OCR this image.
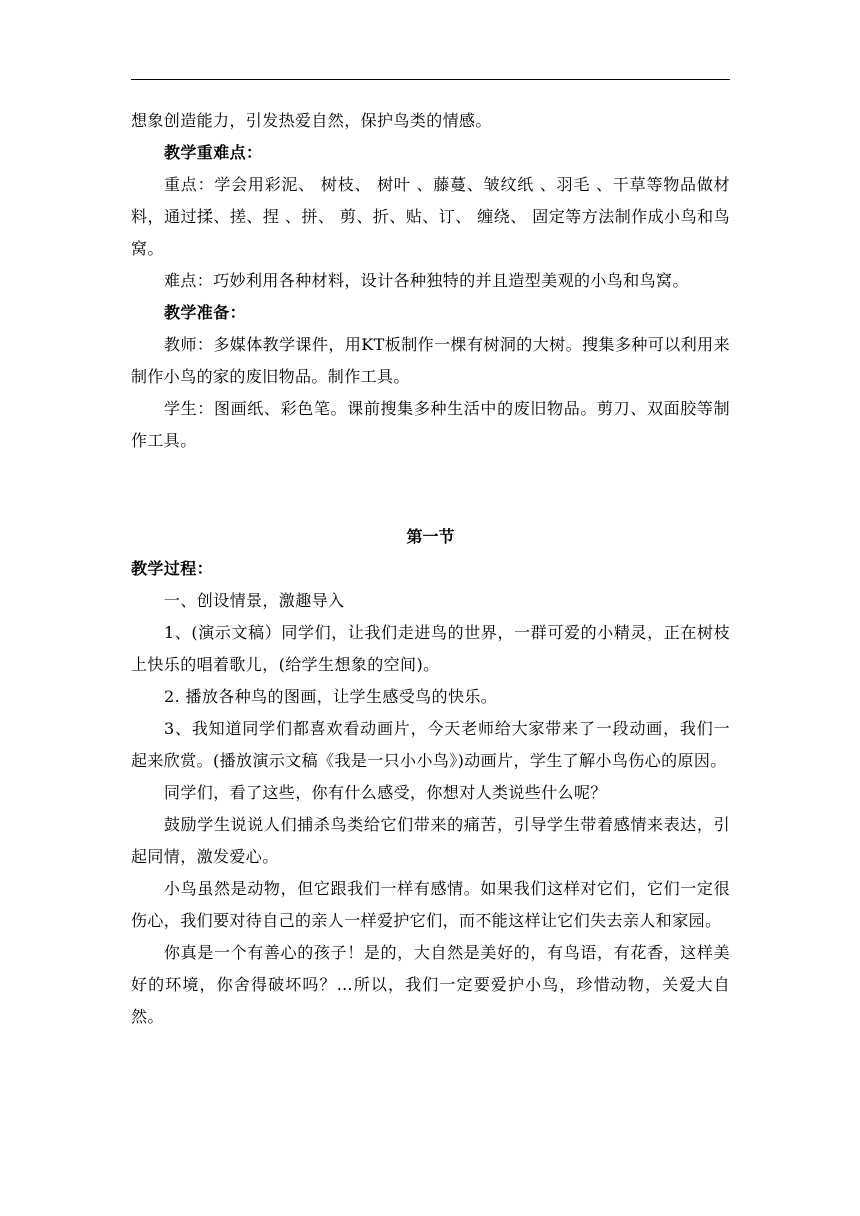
想象创造能力，引发热爱自然，保护鸟类的情感。

教学重难点：

重点：学会用彩泥、 树枝、 树叶 、藤蔓、皱纹纸 、羽毛 、干草等物品做材料，通过揉、搓、捏 、拼、 剪、折、贴、订、 缠绕、 固定等方法制作成小鸟和鸟窝。

难点：巧妙利用各种材料，设计各种独特的并且造型美观的小鸟和鸟窝。

教学准备：

教师：多媒体教学课件，用KT板制作一棵有树洞的大树。搜集多种可以利用来制作小鸟的家的废旧物品。制作工具。

学生：图画纸、彩色笔。课前搜集多种生活中的废旧物品。剪刀、双面胶等制作工具。

第一节

教学过程：

一、创设情景，激趣导入

1、(演示文稿）同学们，让我们走进鸟的世界，一群可爱的小精灵，正在树枝上快乐的唱着歌儿，(给学生想象的空间)。

2. 播放各种鸟的图画，让学生感受鸟的快乐。

3、我知道同学们都喜欢看动画片，今天老师给大家带来了一段动画，我们一起来欣赏。(播放演示文稿《我是一只小小鸟》)动画片，学生了解小鸟伤心的原因。

同学们，看了这些，你有什么感受，你想对人类说些什么呢？

鼓励学生说说人们捕杀鸟类给它们带来的痛苦，引导学生带着感情来表达，引起同情，激发爱心。

小鸟虽然是动物，但它跟我们一样有感情。如果我们这样对它们，它们一定很伤心，我们要对待自己的亲人一样爱护它们，而不能这样让它们失去亲人和家园。

你真是一个有善心的孩子！是的，大自然是美好的，有鸟语，有花香，这样美好的环境，你舍得破坏吗？…所以，我们一定要爱护小鸟，珍惜动物，关爱大自然。
